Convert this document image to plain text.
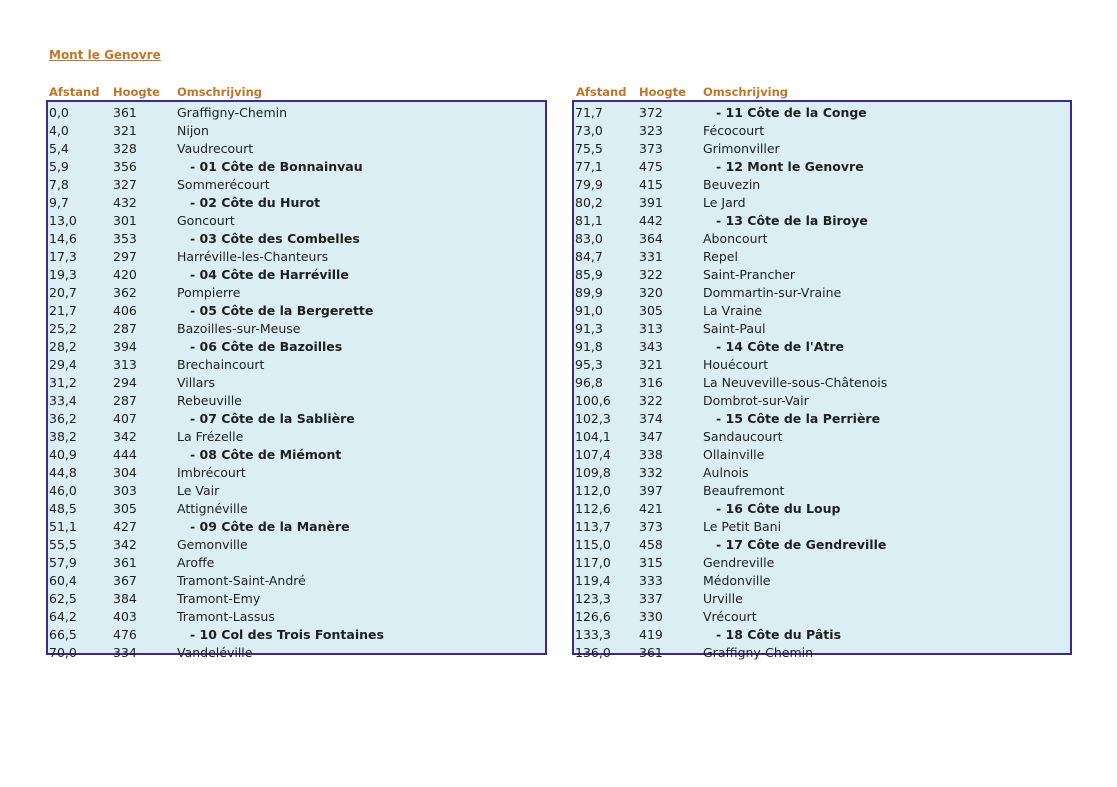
Mont le Genovre
Afstand Hoogte Omschrijving	Afstand Hoogte Omschrijving
0,0	361	Graffigny-Chemin
4,0	321	Nijon
5,4	328	Vaudrecourt
5,9	356	- 01 Côte de Bonnainvau
7,8	327	Sommerécourt
9,7	432	- 02 Côte du Hurot
13,0	301	Goncourt
14,6	353	- 03 Côte des Combelles
17,3	297	Harréville-les-Chanteurs
19,3	420	- 04 Côte de Harréville
20,7	362	Pompierre
21,7	406	- 05 Côte de la Bergerette
25,2	287	Bazoilles-sur-Meuse
28,2	394	- 06 Côte de Bazoilles
29,4	313	Brechaincourt
31,2	294	Villars
33,4	287	Rebeuville
36,2	407	- 07 Côte de la Sablière
38,2	342	La Frézelle
40,9	444	- 08 Côte de Miémont
44,8	304	Imbrécourt
46,0	303	Le Vair
48,5	305	Attignéville
51,1	427	- 09 Côte de la Manère
55,5	342	Gemonville
57,9	361	Aroffe
60,4	367	Tramont-Saint-André
62,5	384	Tramont-Emy
64,2	403	Tramont-Lassus
66,5	476	- 10 Col des Trois Fontaines
70,0	334	Vandeléville
71,7	372	- 11 Côte de la Conge
73,0	323	Fécocourt
75,5	373	Grimonviller
77,1	475	- 12 Mont le Genovre
79,9	415	Beuvezin
80,2	391	Le Jard
81,1	442	- 13 Côte de la Biroye
83,0	364	Aboncourt
84,7	331	Repel
85,9	322	Saint-Prancher
89,9	320	Dommartin-sur-Vraine
91,0	305	La Vraine
91,3	313	Saint-Paul
91,8	343	- 14 Côte de l'Atre
95,3	321	Houécourt
96,8	316	La Neuveville-sous-Châtenois
100,6 322	Dombrot-sur-Vair
102,3 374	- 15 Côte de la Perrière
104,1 347	Sandaucourt
107,4 338	Ollainville
109,8 332	Aulnois
112,0 397	Beaufremont
112,6 421	- 16 Côte du Loup
113,7 373	Le Petit Bani
115,0 458	- 17 Côte de Gendreville
117,0 315	Gendreville
119,4 333	Médonville
123,3 337	Urville
126,6 330	Vrécourt
133,3 419	- 18 Côte du Pâtis
136,0 361	Graffigny-Chemin
